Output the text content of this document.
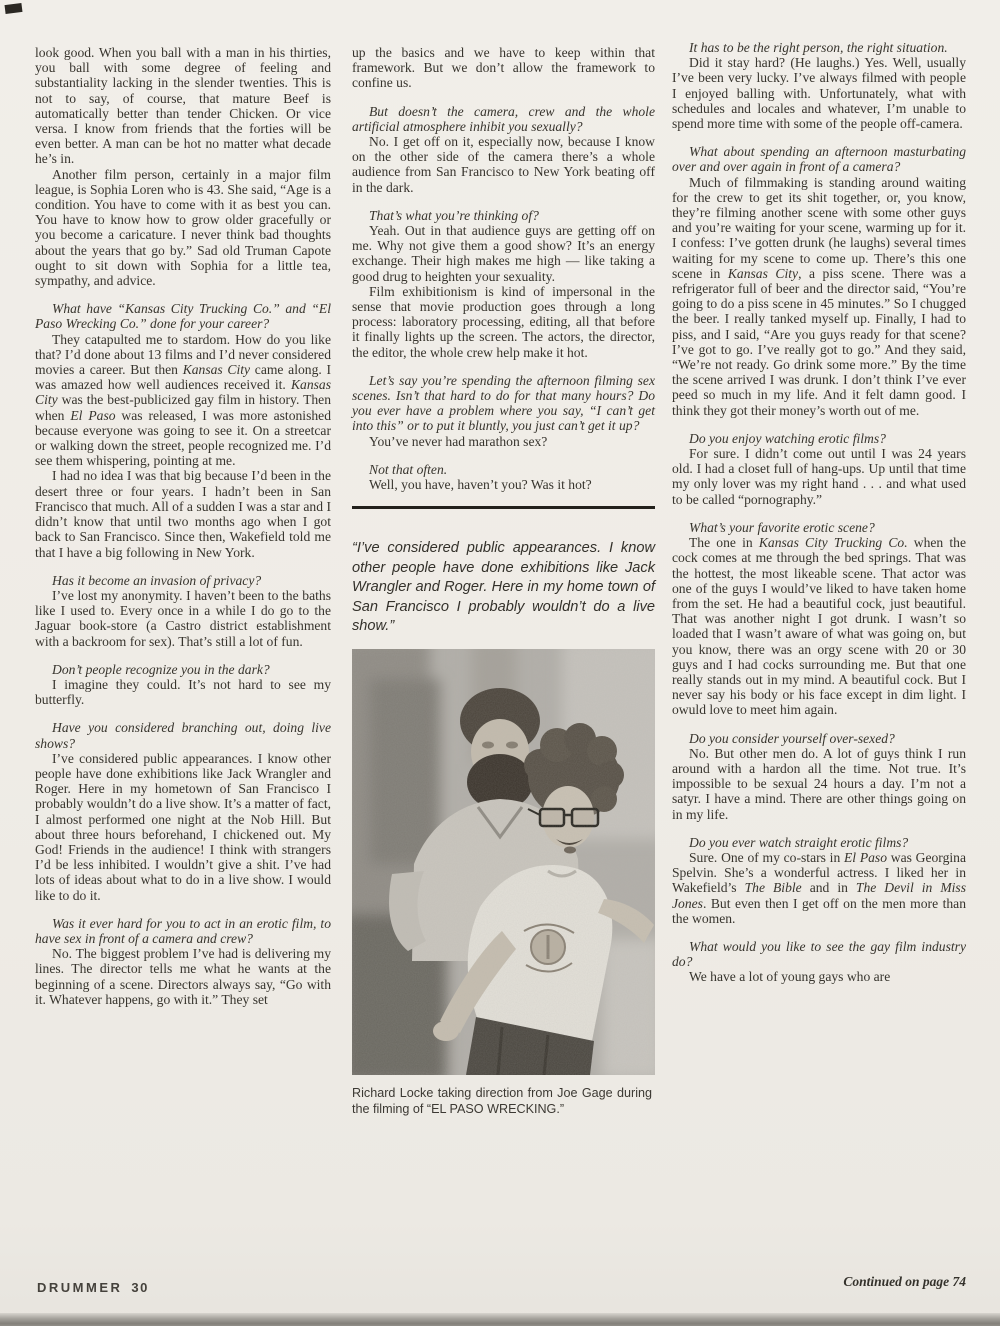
look good. When you ball with a man in his thirties, you ball with some degree of feeling and substantiality lacking in the slender twenties. This is not to say, of course, that mature Beef is automatically better than tender Chicken. Or vice versa. I know from friends that the forties will be even better. A man can be hot no matter what decade he’s in.

Another film person, certainly in a major film league, is Sophia Loren who is 43. She said, “Age is a condition. You have to come with it as best you can. You have to know how to grow older gracefully or you become a caricature. I never think bad thoughts about the years that go by.” Sad old Truman Capote ought to sit down with Sophia for a little tea, sympathy, and advice.

What have “Kansas City Trucking Co.” and “El Paso Wrecking Co.” done for your career?

They catapulted me to stardom. How do you like that? I’d done about 13 films and I’d never considered movies a career. But then Kansas City came along. I was amazed how well audiences received it. Kansas City was the best-publicized gay film in history. Then when El Paso was released, I was more astonished because everyone was going to see it. On a streetcar or walking down the street, people recognized me. I’d see them whispering, pointing at me.

I had no idea I was that big because I’d been in the desert three or four years. I hadn’t been in San Francisco that much. All of a sudden I was a star and I didn’t know that until two months ago when I got back to San Francisco. Since then, Wakefield told me that I have a big following in New York.

Has it become an invasion of privacy?

I’ve lost my anonymity. I haven’t been to the baths like I used to. Every once in a while I do go to the Jaguar book-store (a Castro district establishment with a backroom for sex). That’s still a lot of fun.

Don’t people recognize you in the dark?

I imagine they could. It’s not hard to see my butterfly.

Have you considered branching out, doing live shows?

I’ve considered public appearances. I know other people have done exhibitions like Jack Wrangler and Roger. Here in my hometown of San Francisco I probably wouldn’t do a live show. It’s a matter of fact, I almost performed one night at the Nob Hill. But about three hours beforehand, I chickened out. My God! Friends in the audience! I think with strangers I’d be less inhibited. I wouldn’t give a shit. I’ve had lots of ideas about what to do in a live show. I would like to do it.

Was it ever hard for you to act in an erotic film, to have sex in front of a camera and crew?

No. The biggest problem I’ve had is delivering my lines. The director tells me what he wants at the beginning of a scene. Directors always say, “Go with it. Whatever happens, go with it.” They set

up the basics and we have to keep within that framework. But we don’t allow the framework to confine us.

But doesn’t the camera, crew and the whole artificial atmosphere inhibit you sexually?

No. I get off on it, especially now, because I know on the other side of the camera there’s a whole audience from San Francisco to New York beating off in the dark.

That’s what you’re thinking of?

Yeah. Out in that audience guys are getting off on me. Why not give them a good show? It’s an energy exchange. Their high makes me high — like taking a good drug to heighten your sexuality.

Film exhibitionism is kind of impersonal in the sense that movie production goes through a long process: laboratory processing, editing, all that before it finally lights up the screen. The actors, the director, the editor, the whole crew help make it hot.

Let’s say you’re spending the afternoon filming sex scenes. Isn’t that hard to do for that many hours? Do you ever have a problem where you say, “I can’t get into this” or to put it bluntly, you just can’t get it up?

You’ve never had marathon sex?

Not that often.

Well, you have, haven’t you? Was it hot?

“I’ve considered public appearances. I know other people have done exhibitions like Jack Wrangler and Roger. Here in my home town of San Francisco I probably wouldn’t do a live show.”
Richard Locke taking direction from Joe Gage during the filming of “EL PASO WRECKING.”

It has to be the right person, the right situation.

Did it stay hard? (He laughs.) Yes. Well, usually I’ve been very lucky. I’ve always filmed with people I enjoyed balling with. Unfortunately, what with schedules and locales and whatever, I’m unable to spend more time with some of the people off-camera.

What about spending an afternoon masturbating over and over again in front of a camera?

Much of filmmaking is standing around waiting for the crew to get its shit together, or, you know, they’re filming another scene with some other guys and you’re waiting for your scene, warming up for it. I confess: I’ve gotten drunk (he laughs) several times waiting for my scene to come up. There’s this one scene in Kansas City, a piss scene. There was a refrigerator full of beer and the director said, “You’re going to do a piss scene in 45 minutes.” So I chugged the beer. I really tanked myself up. Finally, I had to piss, and I said, “Are you guys ready for that scene? I’ve got to go. I’ve really got to go.” And they said, “We’re not ready. Go drink some more.” By the time the scene arrived I was drunk. I don’t think I’ve ever peed so much in my life. And it felt damn good. I think they got their money’s worth out of me.

Do you enjoy watching erotic films?

For sure. I didn’t come out until I was 24 years old. I had a closet full of hang-ups. Up until that time my only lover was my right hand . . . and what used to be called “pornography.”

What’s your favorite erotic scene?

The one in Kansas City Trucking Co. when the cock comes at me through the bed springs. That was the hottest, the most likeable scene. That actor was one of the guys I would’ve liked to have taken home from the set. He had a beautiful cock, just beautiful. That was another night I got drunk. I wasn’t so loaded that I wasn’t aware of what was going on, but you know, there was an orgy scene with 20 or 30 guys and I had cocks surrounding me. But that one really stands out in my mind. A beautiful cock. But I never say his body or his face except in dim light. I owuld love to meet him again.

Do you consider yourself over-sexed?

No. But other men do. A lot of guys think I run around with a hardon all the time. Not true. It’s impossible to be sexual 24 hours a day. I’m not a satyr. I have a mind. There are other things going on in my life.

Do you ever watch straight erotic films?

Sure. One of my co-stars in El Paso was Georgina Spelvin. She’s a wonderful actress. I liked her in Wakefield’s The Bible and in The Devil in Miss Jones. But even then I get off on the men more than the women.

What would you like to see the gay film industry do?

We have a lot of young gays who are

DRUMMER 30	Continued on page 74
